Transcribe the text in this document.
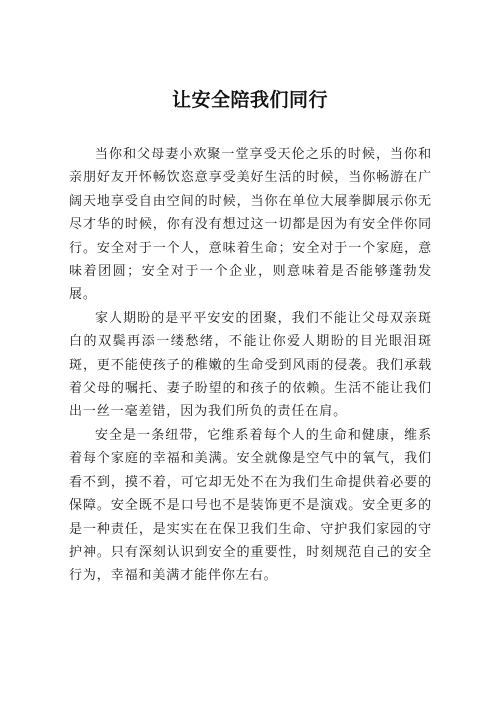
让安全陪我们同行

当你和父母妻小欢聚一堂享受天伦之乐的时候，当你和亲朋好友开怀畅饮恣意享受美好生活的时候，当你畅游在广阔天地享受自由空间的时候，当你在单位大展拳脚展示你无尽才华的时候，你有没有想过这一切都是因为有安全伴你同行。安全对于一个人，意味着生命；安全对于一个家庭，意味着团圆；安全对于一个企业，则意味着是否能够蓬勃发展。

家人期盼的是平平安安的团聚，我们不能让父母双亲斑白的双鬓再添一缕愁绪，不能让你爱人期盼的目光眼泪斑斑，更不能使孩子的稚嫩的生命受到风雨的侵袭。我们承载着父母的嘱托、妻子盼望的和孩子的依赖。生活不能让我们出一丝一毫差错，因为我们所负的责任在肩。

安全是一条纽带，它维系着每个人的生命和健康，维系着每个家庭的幸福和美满。安全就像是空气中的氧气，我们看不到，摸不着，可它却无处不在为我们生命提供着必要的保障。安全既不是口号也不是装饰更不是演戏。安全更多的是一种责任，是实实在在保卫我们生命、守护我们家园的守护神。只有深刻认识到安全的重要性，时刻规范自己的安全行为，幸福和美满才能伴你左右。
